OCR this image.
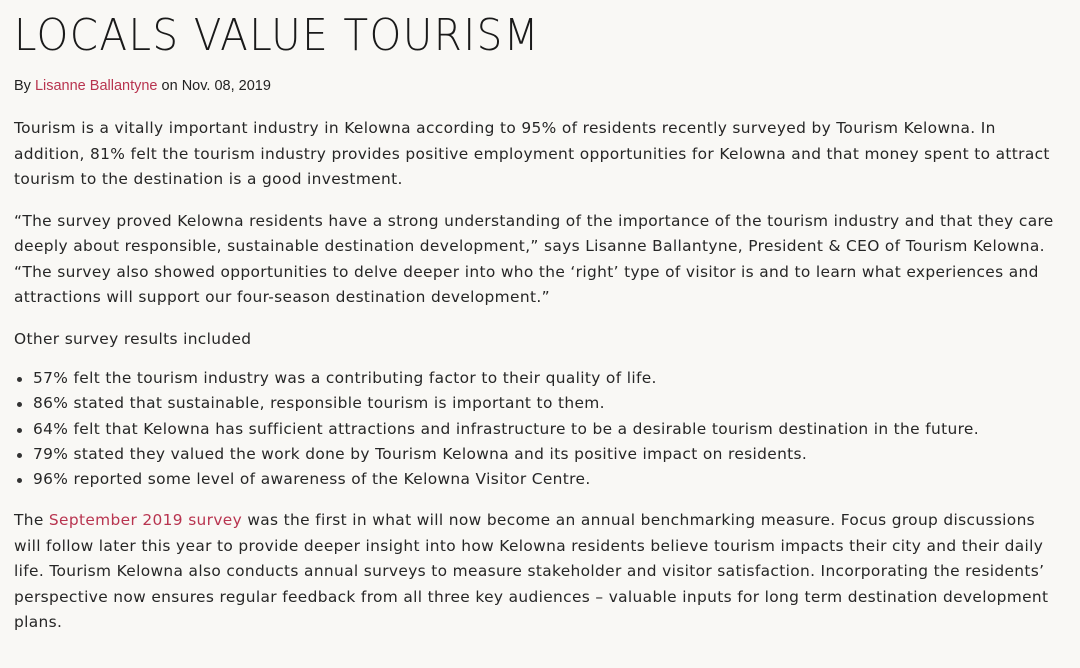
LOCALS VALUE TOURISM
By Lisanne Ballantyne on Nov. 08, 2019

Tourism is a vitally important industry in Kelowna according to 95% of residents recently surveyed by Tourism Kelowna. In addition, 81% felt the tourism industry provides positive employment opportunities for Kelowna and that money spent to attract tourism to the destination is a good investment.

“The survey proved Kelowna residents have a strong understanding of the importance of the tourism industry and that they care deeply about responsible, sustainable destination development,” says Lisanne Ballantyne, President & CEO of Tourism Kelowna. “The survey also showed opportunities to delve deeper into who the ‘right’ type of visitor is and to learn what experiences and attractions will support our four-season destination development.”

Other survey results included

57% felt the tourism industry was a contributing factor to their quality of life.
86% stated that sustainable, responsible tourism is important to them.
64% felt that Kelowna has sufficient attractions and infrastructure to be a desirable tourism destination in the future.
79% stated they valued the work done by Tourism Kelowna and its positive impact on residents.
96% reported some level of awareness of the Kelowna Visitor Centre.

The September 2019 survey was the first in what will now become an annual benchmarking measure. Focus group discussions will follow later this year to provide deeper insight into how Kelowna residents believe tourism impacts their city and their daily life. Tourism Kelowna also conducts annual surveys to measure stakeholder and visitor satisfaction. Incorporating the residents’ perspective now ensures regular feedback from all three key audiences – valuable inputs for long term destination development plans.
